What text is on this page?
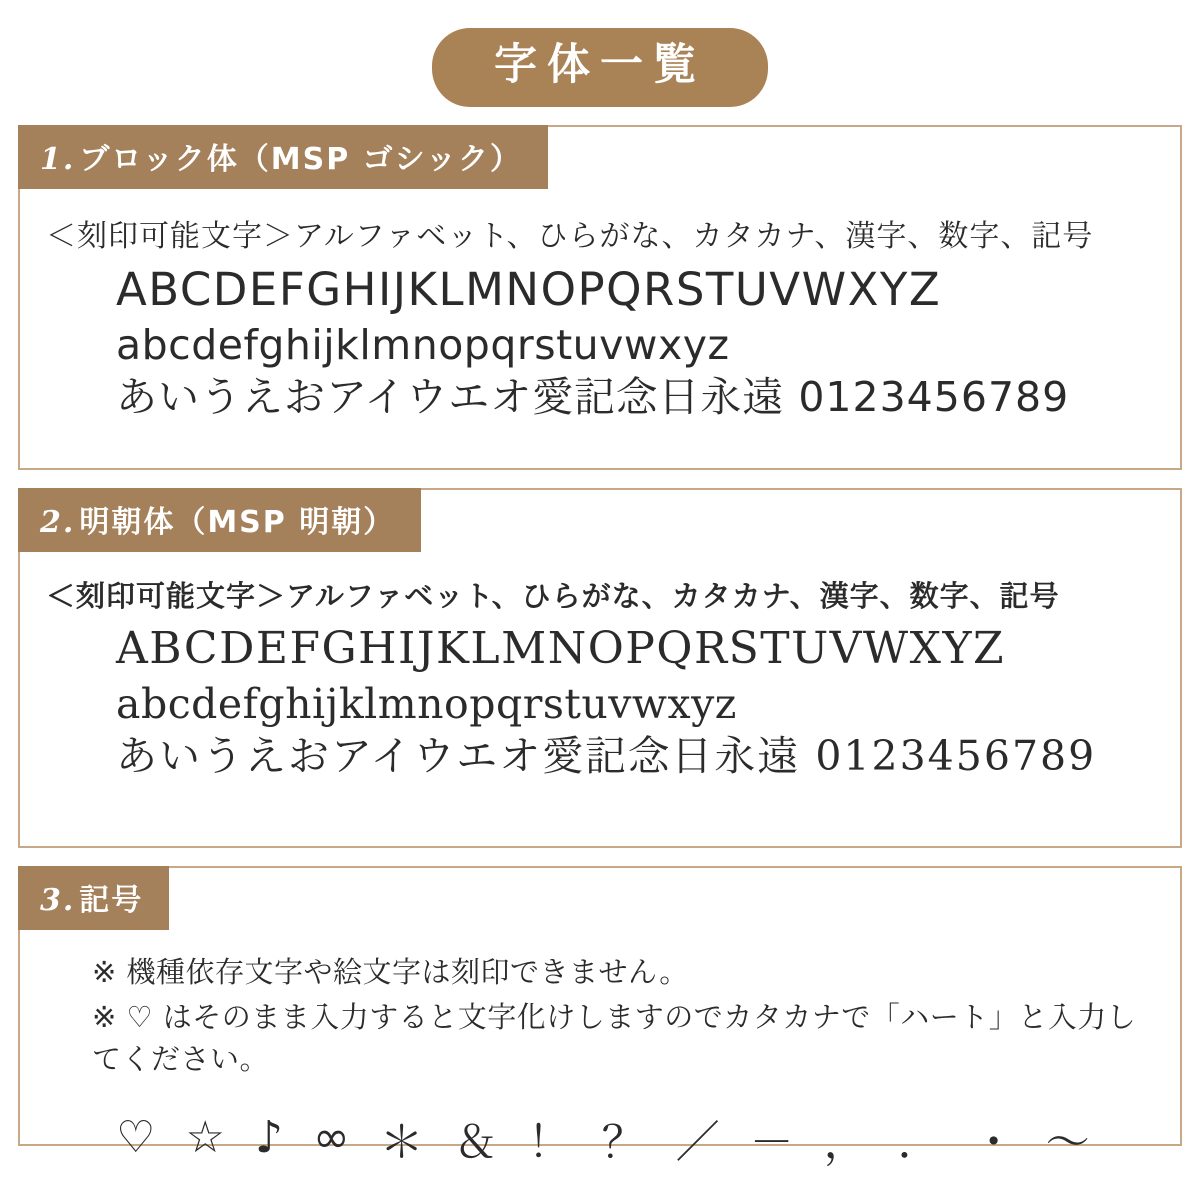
字体一覧
1. ブロック体（MSP ゴシック）
＜刻印可能文字＞アルファベット、ひらがな、カタカナ、漢字、数字、記号
ABCDEFGHIJKLMNOPQRSTUVWXYZ
abcdefghijklmnopqrstuvwxyz
あいうえおアイウエオ愛記念日永遠 0123456789
2. 明朝体（MSP 明朝）
＜刻印可能文字＞アルファベット、ひらがな、カタカナ、漢字、数字、記号
ABCDEFGHIJKLMNOPQRSTUVWXYZ
abcdefghijklmnopqrstuvwxyz
あいうえおアイウエオ愛記念日永遠 0123456789
3. 記号
※ 機種依存文字や絵文字は刻印できません。
※ ♡ はそのまま入力すると文字化けしますのでカタカナで「ハート」と入力してください。
♡ ☆ ♪ ∞ ＊ ＆ ！ ？ ／ － ， ． ・ ～
